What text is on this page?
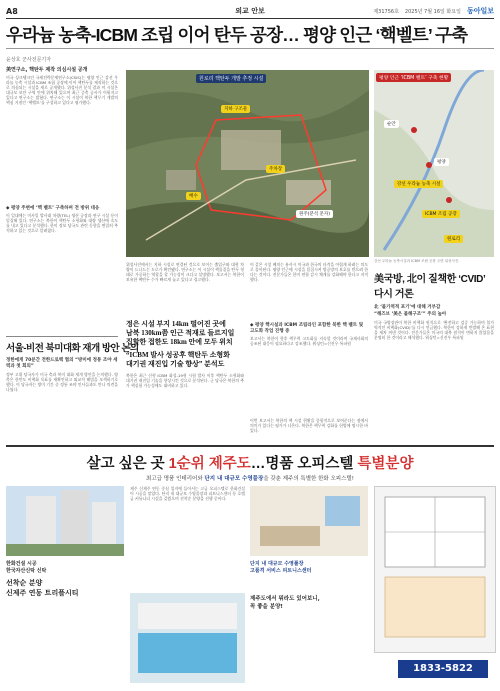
A8	외교 안보	제31756호 2025년 7월 16일 화요일 동아일보
우라늄 농축-ICBM 조립 이어 탄두 공장… 평양 인근 ‘핵벨트’ 구축
윤상호 군사전문기자
美연구소, 핵탄두 제작 의심시설 공개
미국 싱크탱크인 국제전략문제연구소(CSIS)는 평양 인근 강선 우라늄 농축 시설과 ICBM 조립 공장에 이어 핵탄두를 제작하는 것으로 의심되는 시설을 새로 공개했다. 위성사진 분석 결과 이 시설은 대규모 보안 구역 안에 위치해 있으며 최근 증축 공사가 이뤄지고 있다고 연구소는 밝혔다. 연구소는 이 시설이 북한 핵무기 개발의 핵심 거점인 ‘핵벨트’를 구성하고 있다고 평가했다.
◆ 평양 주변에 ‘핵 벨트’ 구축하며 전 방위 대응
이 일대에는 미사일 발사대 차량(TEL) 생산 공장과 연구 시설 등이 밀집해 있다. 연구소는 북한이 핵탄두 소형화와 대량 생산에 속도를 내고 있다고 분석했다. 한미 정보 당국도 관련 동향을 면밀히 추적하고 있는 것으로 알려졌다.
원로리 핵탄두 개발 추정 시설
지하 구조물
주차장
배수
원주(분석 문자)
평양 인근 ‘ICBM 벨트’ 구축 현황
순안
평양
강선 우라늄 농축 시설
ICBM 조립 공장
원로리
강선 우라늄 농축시설과 ICBM 조립 공장 주변 위성사진.
위성사진에서는 지하 시설로 연결된 것으로 보이는 출입구와 대형 차량이 드나드는 도로가 확인됐다. 연구소는 이 시설이 핵물질을 탄두 형태로 가공하는 역할을 할 가능성이 크다고 설명했다. 보고서는 북한이 보유한 핵탄두 수가 빠르게 늘고 있다고 경고했다.
정은 시설 부지 14km 떨어진 곳에
남북 130km쯤 인근 적재로 들르지일
집할한 접한도 18km 안에 모두 위치
“ICBM 발사 성공후 핵탄두 소형화
대기권 재진입 기술 향상” 분석도
북한은 최근 신형 ICBM 화성-19형 시험 발사 이후 핵탄두 소형화와 대기권 재진입 기술을 향상시킨 것으로 분석된다. 군 당국은 북한의 추가 핵실험 가능성에도 대비하고 있다.
이 같은 시설 배치는 유사시 미국과 한국의 타격을 어렵게 하려는 의도로 풀이된다. 평양 인근에 시설을 밀집시켜 방공망의 보호를 받으려 한다는 것이다. 전문가들은 한미 연합 감시 체계를 강화해야 한다고 지적했다.
◆ 평양 핵시설과 ICBM 조립라인 포함한 북한 핵 벨트 및 고도화 작업 진행 중
보고서는 북한이 향후 핵무력 고도화를 지속할 것이라며 국제사회의 공조된 대응이 필요하다고 강조했다. 워싱턴=신진우 특파원
美국방, 北이 질책한 ‘CVID’ 다시 거론
北 ‘불가역적 포기’에 대해 거부감
“해즈브 ‘美은 불해구조’” 주의 높아
미국 국방장관이 북한 비핵화 원칙으로 ‘완전하고 검증 가능하며 불가역적인 비핵화(CVID)’를 다시 언급했다. 북한이 강하게 반발해 온 표현을 재차 꺼낸 것이다. 전문가들은 미국의 대북 원칙이 변하지 않았음을 분명히 한 것이라고 해석했다. 워싱턴=신진우 특파원
서울-비전 북미대화 재개 방안 논의
정한에게 70분간 전한드로백 협의 “방미에 정통 조야 세력과 첫 회의”
정부 고위 당국자가 미국 측과 북미 대화 재개 방안을 논의했다. 양측은 한반도 비핵화 목표를 재확인하고 외교적 해법을 모색하기로 했다. 이 당국자는 방미 기간 중 정통 조야 인사들과도 만나 의견을 나눴다.
이번 보고서는 북한의 핵 시설 현황을 종합적으로 보여준다는 점에서 의미가 있다는 평가가 나온다. 북한은 핵무력 강화를 헌법에 명시한 바 있다.
살고 싶은 곳 1순위 제주도…명품 오피스텔 특별분양
최고급 명품 인테리어와 단지 내 대규모 수영풀장을 갖춘 제주의 특별한 한화 오피스텔!
한화건설 시공
한국자산신탁 신탁
선착순 분양
신제주 연동 트리플시티
제주 신제주 연동 중심 입지에 들어서는 고급 오피스텔로 한화건설이 시공을 맡았다. 단지 내 대규모 수영풀장과 피트니스센터 등 호텔급 커뮤니티 시설을 갖췄으며 선착순 분양을 진행 중이다.
단지 내 대규모 수영풀장
고품격 서비스 피트니스센터
제주도에서 뭐라도 있어보니,
꼭 좋을 분양!
1833-5822
